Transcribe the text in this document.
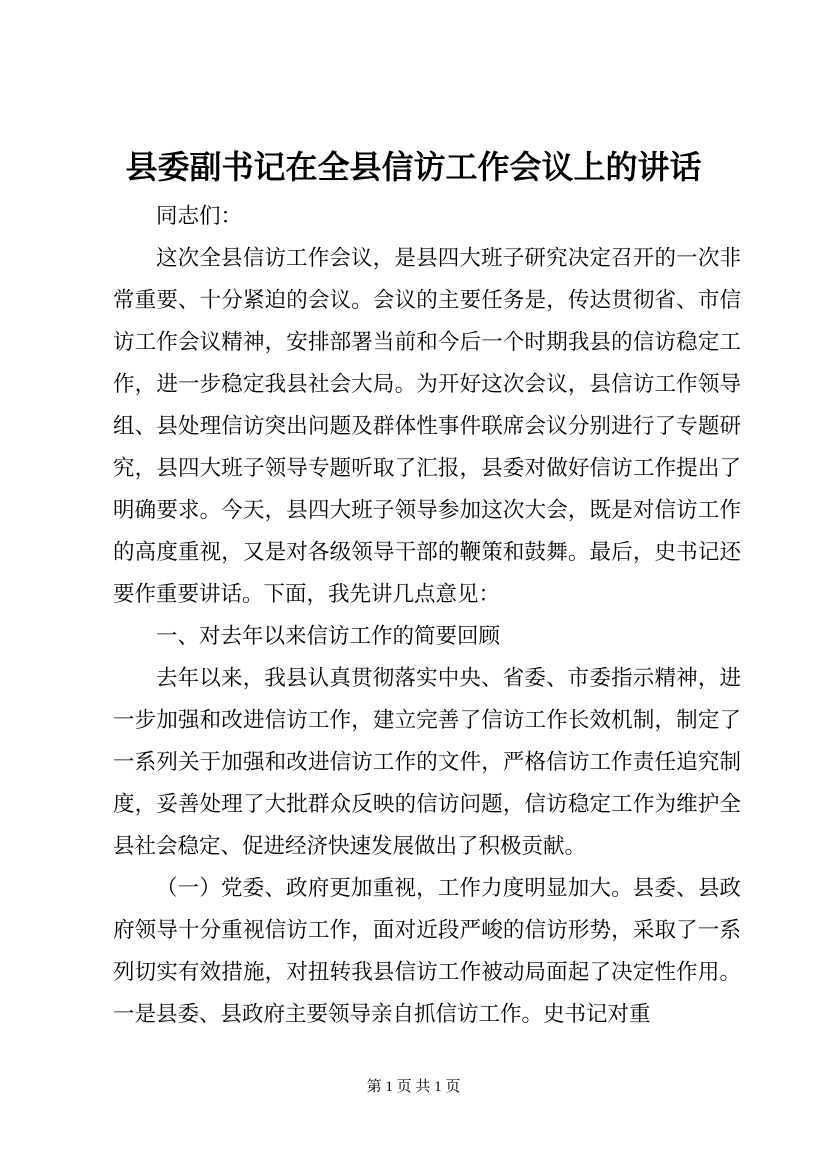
县委副书记在全县信访工作会议上的讲话

同志们：

这次全县信访工作会议，是县四大班子研究决定召开的一次非常重要、十分紧迫的会议。会议的主要任务是，传达贯彻省、市信访工作会议精神，安排部署当前和今后一个时期我县的信访稳定工作，进一步稳定我县社会大局。为开好这次会议，县信访工作领导组、县处理信访突出问题及群体性事件联席会议分别进行了专题研究，县四大班子领导专题听取了汇报，县委对做好信访工作提出了明确要求。今天，县四大班子领导参加这次大会，既是对信访工作的高度重视，又是对各级领导干部的鞭策和鼓舞。最后，史书记还要作重要讲话。下面，我先讲几点意见：

一、对去年以来信访工作的简要回顾

去年以来，我县认真贯彻落实中央、省委、市委指示精神，进一步加强和改进信访工作，建立完善了信访工作长效机制，制定了一系列关于加强和改进信访工作的文件，严格信访工作责任追究制度，妥善处理了大批群众反映的信访问题，信访稳定工作为维护全县社会稳定、促进经济快速发展做出了积极贡献。

（一）党委、政府更加重视，工作力度明显加大。县委、县政府领导十分重视信访工作，面对近段严峻的信访形势，采取了一系列切实有效措施，对扭转我县信访工作被动局面起了决定性作用。一是县委、县政府主要领导亲自抓信访工作。史书记对重

第 1 页 共 1 页
